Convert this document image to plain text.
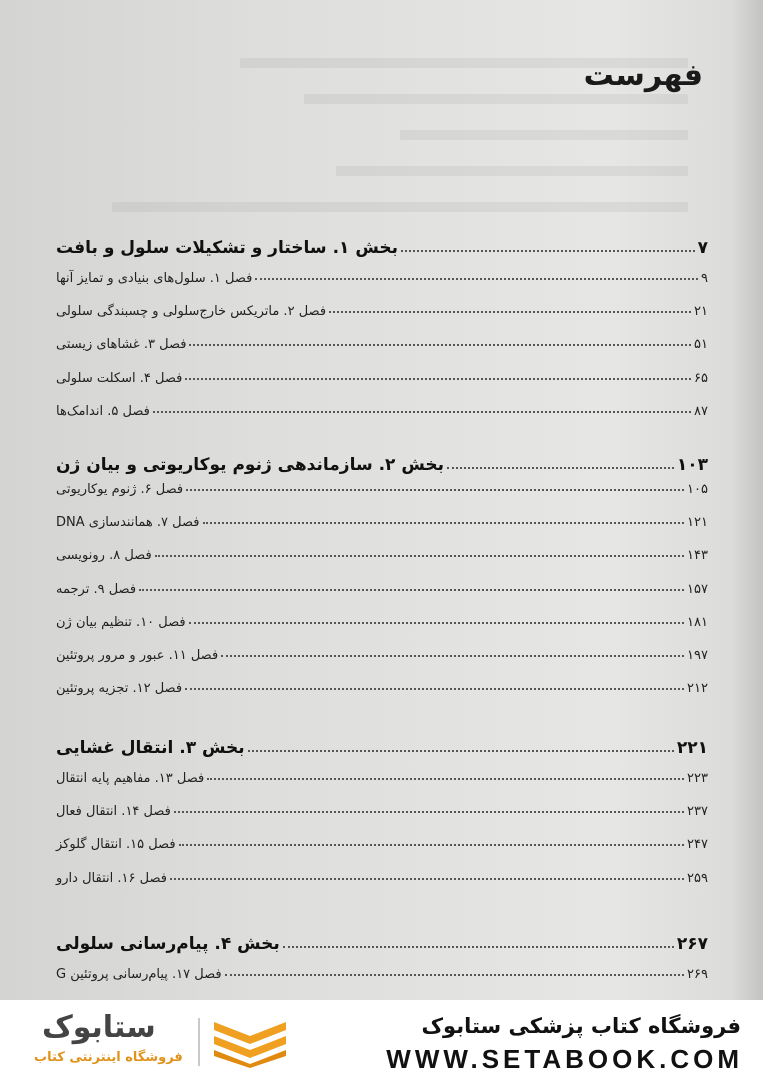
فهرست
بخش ۱. ساختار و تشکیلات سلول و بافت	۷
فصل ۱. سلول‌های بنیادی و تمایز آنها	۹
فصل ۲. ماتریکس خارج‌سلولی و چسبندگی سلولی	۲۱
فصل ۳. غشاهای زیستی	۵۱
فصل ۴. اسکلت سلولی	۶۵
فصل ۵. اندامک‌ها	۸۷
بخش ۲. سازماندهی ژنوم یوکاریوتی و بیان ژن	۱۰۳
فصل ۶. ژنوم یوکاریوتی	۱۰۵
فصل ۷. همانندسازی DNA	۱۲۱
فصل ۸. رونویسی	۱۴۳
فصل ۹. ترجمه	۱۵۷
فصل ۱۰. تنظیم بیان ژن	۱۸۱
فصل ۱۱. عبور و مرور پروتئین	۱۹۷
فصل ۱۲. تجزیه پروتئین	۲۱۲
بخش ۳. انتقال غشایی	۲۲۱
فصل ۱۳. مفاهیم پایه انتقال	۲۲۳
فصل ۱۴. انتقال فعال	۲۳۷
فصل ۱۵. انتقال گلوکز	۲۴۷
فصل ۱۶. انتقال دارو	۲۵۹
بخش ۴. پیام‌رسانی سلولی	۲۶۷
فصل ۱۷. پیام‌رسانی پروتئین G	۲۶۹
ستابوک
فروشگاه اینترنتی کتاب
فروشگاه کتاب پزشکی ستابوک
WWW.SETABOOK.COM
